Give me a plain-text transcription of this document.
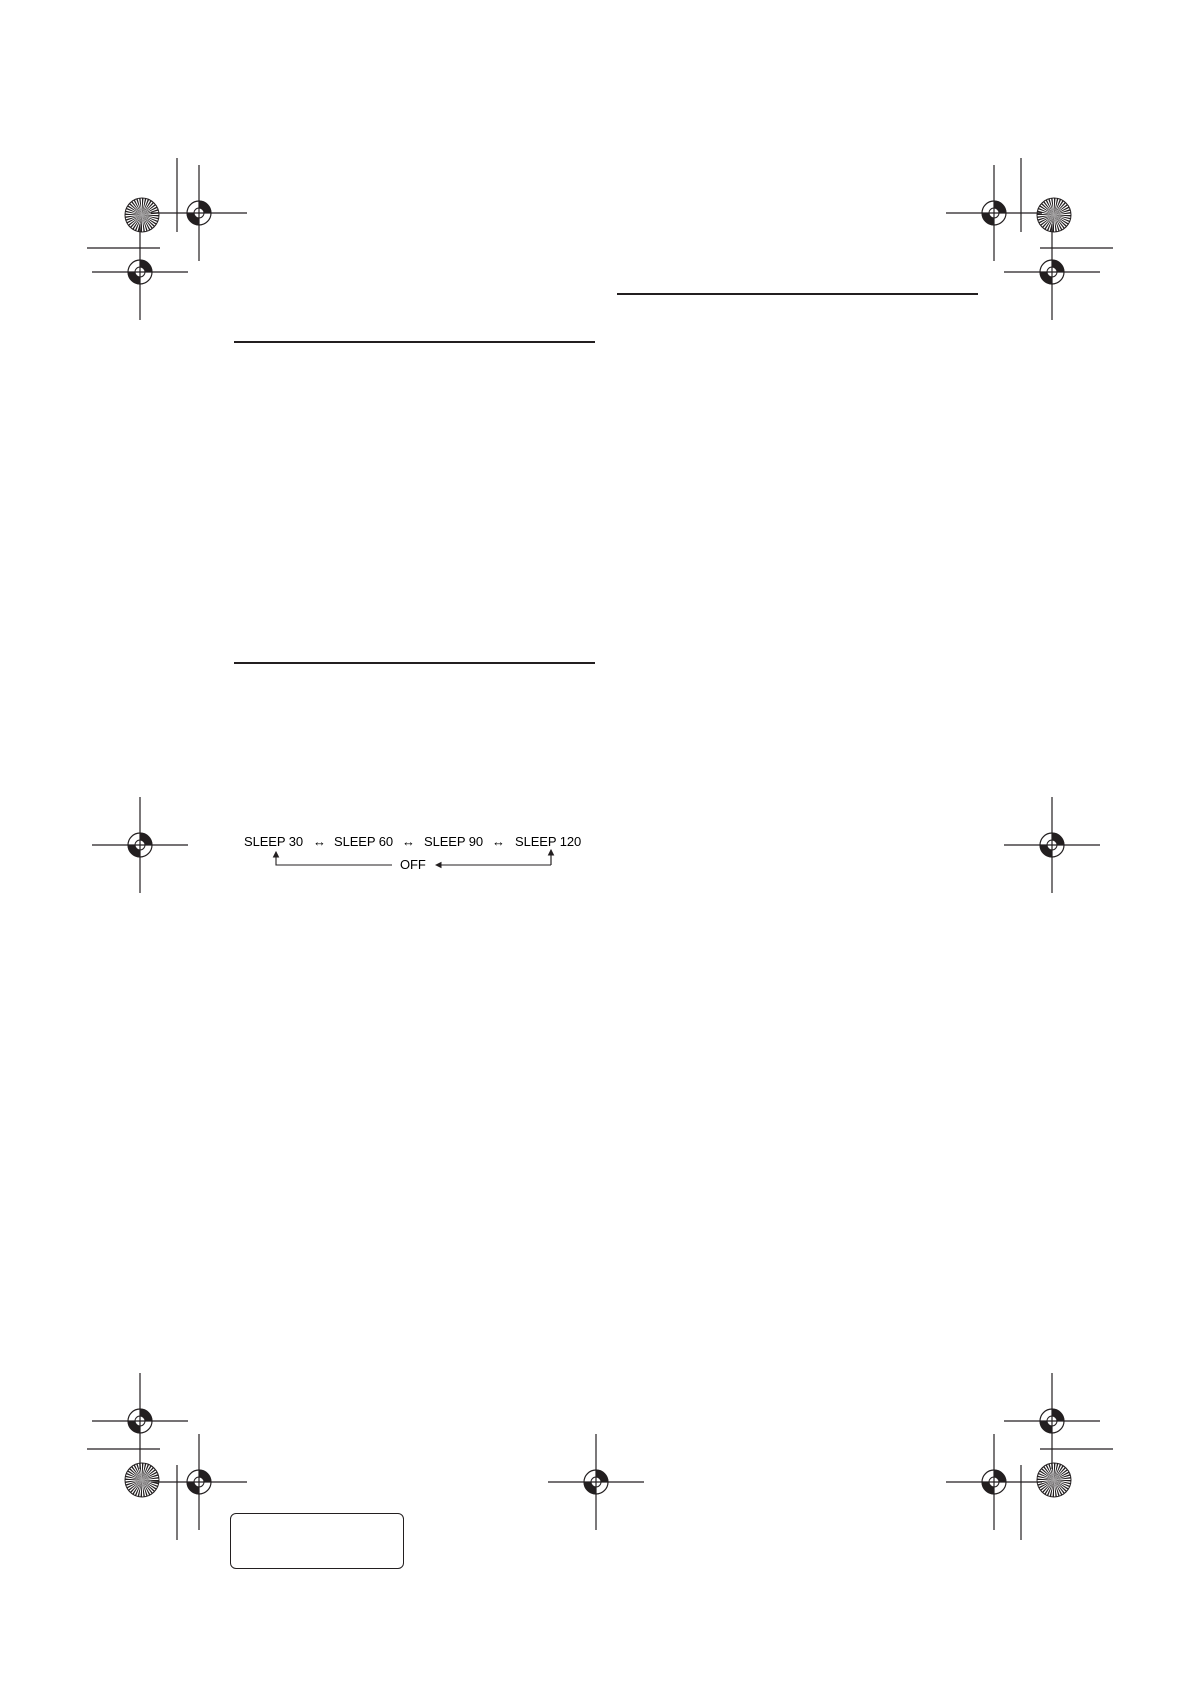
SLEEP 30 ↔ SLEEP 60 ↔ SLEEP 90 ↔ SLEEP 120
OFF
